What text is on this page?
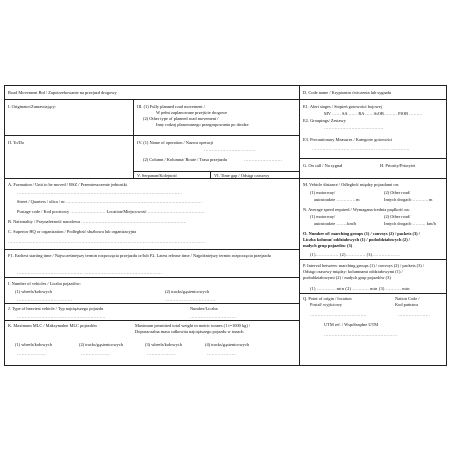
Road Movement Bid / Zapotrzebowanie na przejazd drogowy
I. Originator/Zamawiający:	III. (1) Fully planned road movement /
W pełni zaplanowane przejście drogowe
(2) Other type of planned road movement /
Inny rodzaj planowanego przegrupowania po drodze
II. To/Do	IV. (1) Name of operation / Nazwa operacji
…………………………….
(2) Column / Kolumna/ Route / Trasa przejazdu	…………………….
V. Serpanan/Kolejność	VI. Time gap / Odstęp czasowy
D. Code name / Kryptonim ćwiczenia lub sygnału
E1. Alert stages / Stopień gotowości bojowej
MV …… SA …… RA ……StOB……… PfOB ………
E2. Groupings/ Zestawy
…………………………………
E3. Precautionary Measures / Kategorie gotowości
…………. ……….. ……………. ……… …………
G. On call / Na sygnał	H. Priority/Priorytet
A. Formation / Unit to be moved / RSZ / Przemieszczenie jednostki
………………………………………………………………………………………………
Street / Quarters / ulica / nr …………………………………………………………………………………
Postage code / Kod pocztowy …………………… Location/Miejscowość …………………………………
B. Nationality / Przynależność narodowa ………………………………………………………………
C. Superior HQ or organization / Podległość służbowa lub organizacyjna
…………………………………………………………………………………………………………………
F1. Earliest starting time / Najwcześniejszy termin rozpoczęcia przejazdu or/lub F2. Latest release time / Najpóźniejszy termin rozpoczęcia przejazdu
……………………………………. ……………………………………………
I. Number of vehicles / Liczba pojazdów:
(1) wheels/kołowych	(2) tracks/gąsienicowych
………………………………	……………………………
J. Type of heaviest vehicle / Typ najcięższego pojazdu	Number/Liczba
………………………………………………….	…………………………
K. Maximum MLC / Maksymalne MLC pojazdów	Maximum permitted total weight in metric tonnes (1 t=1000 kg) /
Dopuszczalna masa całkowita najcięższego pojazdu w tonach
(1) wheels/kołowych	(2) tracks/gąsienicowych	(3) wheels/kołowych	(4) tracks/gąsienicowych
……………….	……………….	……………….	……………….
M. Vehicle distance / Odległość między pojazdami on:
(1) motorway/	(2) Other road/
autostradzie …………. m	Innych drogach ……….. m
N. Average speed required / Wymagana średnia prędkość na:
(1) motorway/	(2) Other road/
autostradzie ……..km/h	Innych drogach ……… km/h
O. Number of/ marching groups (1) / convoys (2) / packets (3) /
Liczba kolumn/ oddziałowych (1) / pododdziałowych (2) /
małych grup pojazdów (3)
(1)…………… (2)…………. (3)………………
P. Interval between: marching groups (1) / convoys (2) / packets (3) /
Odstęp czasowy między: kolumnami oddziałowymi (1) /
pododdziałowymi (2) / małych grup pojazdów (3)
(1) ………… min (2) ……….. min (3) ………. min
Q. Point of origin / location
Postal/ wyjściowy
Nation Code /
Kod państwa
……………………………….	…………………
UTM ref. / Współrzędne UTM
…………………………………………
